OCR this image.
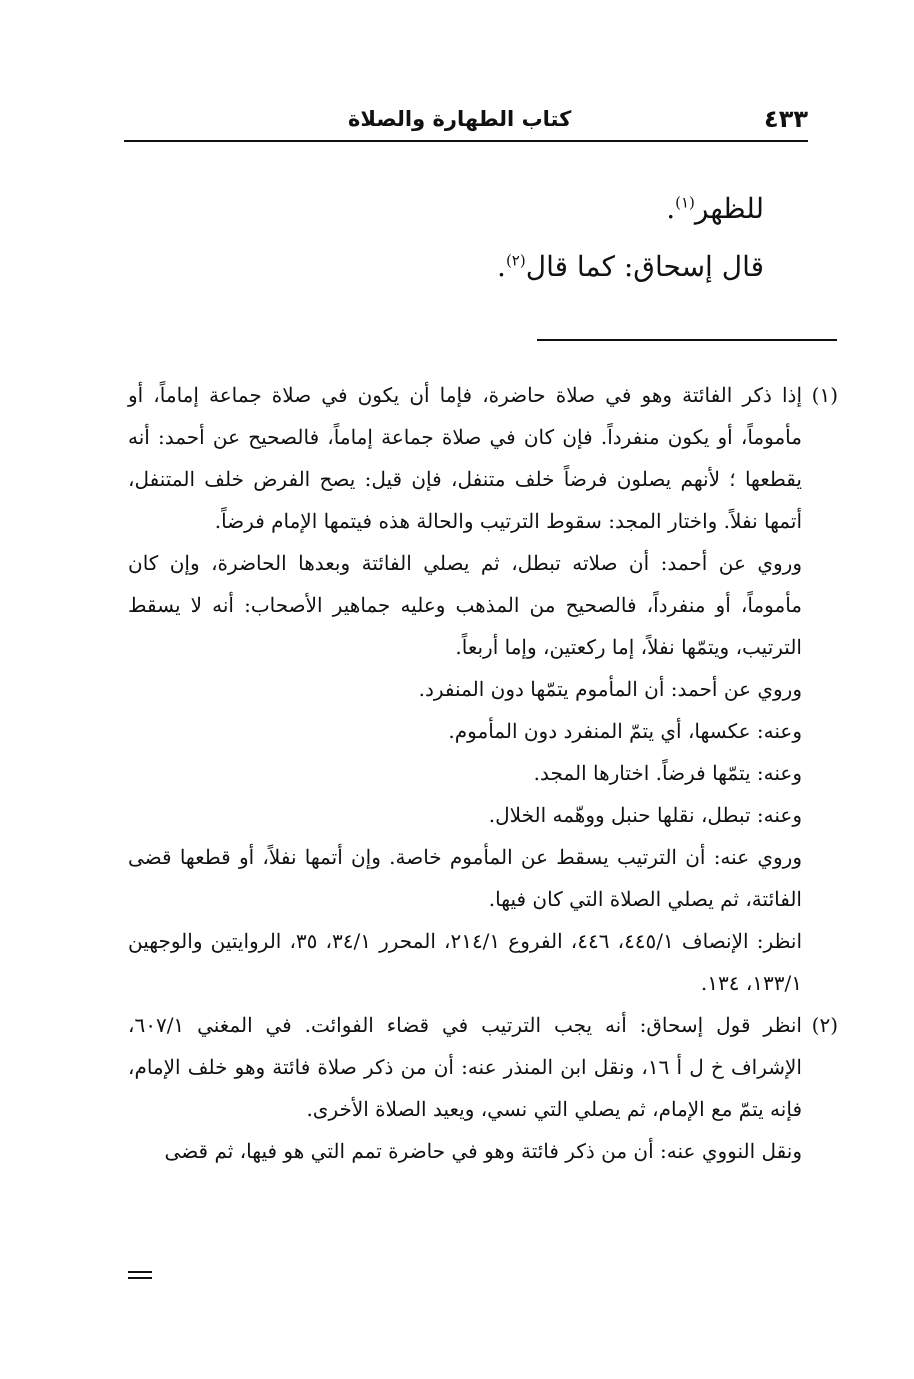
٤٣٣
كتاب الطهارة والصلاة

للظهر$^{(١)}$.

قال إسحاق: كما قال$^{(٢)}$.

(١)

إذا ذكر الفائتة وهو في صلاة حاضرة، فإما أن يكون في صلاة جماعة إماماً، أو مأموماً، أو يكون منفرداً. فإن كان في صلاة جماعة إماماً، فالصحيح عن أحمد: أنه يقطعها ؛ لأنهم يصلون فرضاً خلف متنفل، فإن قيل: يصح الفرض خلف المتنفل، أتمها نفلاً. واختار المجد: سقوط الترتيب والحالة هذه فيتمها الإمام فرضاً.

وروي عن أحمد: أن صلاته تبطل، ثم يصلي الفائتة وبعدها الحاضرة، وإن كان مأموماً، أو منفرداً، فالصحيح من المذهب وعليه جماهير الأصحاب: أنه لا يسقط الترتيب، ويتمّها نفلاً، إما ركعتين، وإما أربعاً.

وروي عن أحمد: أن المأموم يتمّها دون المنفرد.

وعنه: عكسها، أي يتمّ المنفرد دون المأموم.

وعنه: يتمّها فرضاً. اختارها المجد.

وعنه: تبطل، نقلها حنبل ووهّمه الخلال.

وروي عنه: أن الترتيب يسقط عن المأموم خاصة. وإن أتمها نفلاً، أو قطعها قضى الفائتة، ثم يصلي الصلاة التي كان فيها.

انظر: الإنصاف ٤٤٥/١، ٤٤٦، الفروع ٢١٤/١، المحرر ٣٤/١، ٣٥، الروايتين والوجهين ١٣٣/١، ١٣٤.

(٢)

انظر قول إسحاق: أنه يجب الترتيب في قضاء الفوائت. في المغني ٦٠٧/١، الإشراف خ ل أ ١٦، ونقل ابن المنذر عنه: أن من ذكر صلاة فائتة وهو خلف الإمام، فإنه يتمّ مع الإمام، ثم يصلي التي نسي، ويعيد الصلاة الأخرى.

ونقل النووي عنه: أن من ذكر فائتة وهو في حاضرة تمم التي هو فيها، ثم قضى
